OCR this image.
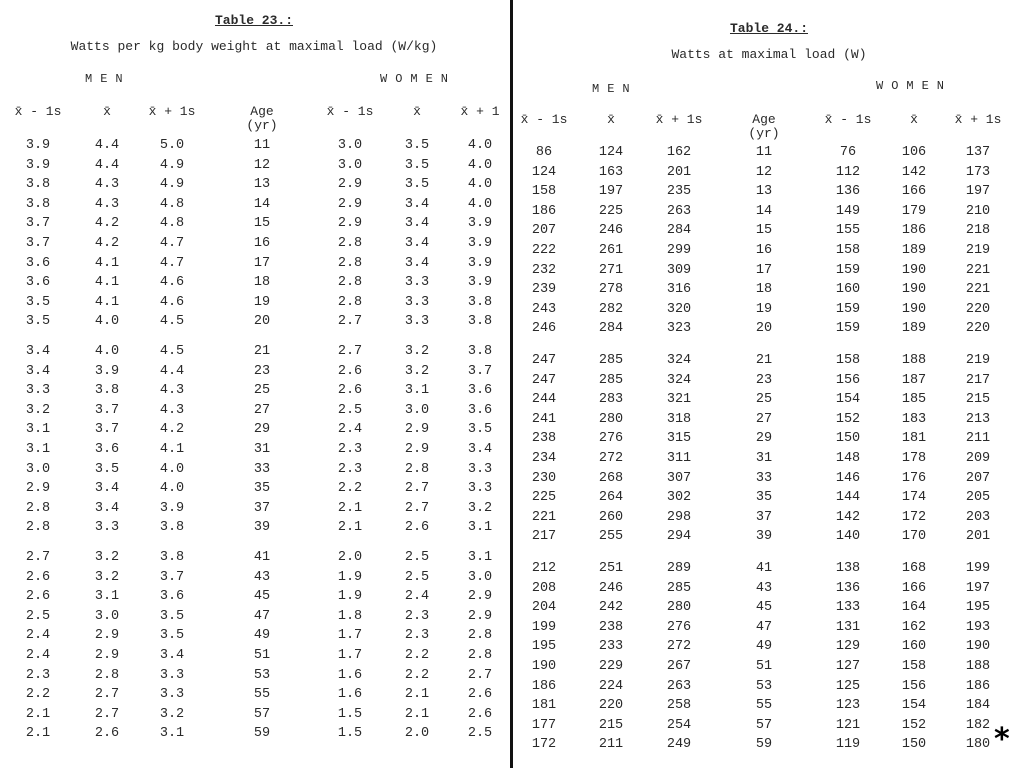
Table 23.:
Watts per kg body weight at maximal load (W/kg)
MEN	WOMEN
x̄ - 1s	x̄	x̄ + 1s	Age
(yr)
x̄ - 1s	x̄	x̄ + 1
3.9	4.4	5.0	11	3.0	3.5	4.0
3.9	4.4	4.9	12	3.0	3.5	4.0
3.8	4.3	4.9	13	2.9	3.5	4.0
3.8	4.3	4.8	14	2.9	3.4	4.0
3.7	4.2	4.8	15	2.9	3.4	3.9
3.7	4.2	4.7	16	2.8	3.4	3.9
3.6	4.1	4.7	17	2.8	3.4	3.9
3.6	4.1	4.6	18	2.8	3.3	3.9
3.5	4.1	4.6	19	2.8	3.3	3.8
3.5	4.0	4.5	20	2.7	3.3	3.8
3.4	4.0	4.5	21	2.7	3.2	3.8
3.4	3.9	4.4	23	2.6	3.2	3.7
3.3	3.8	4.3	25	2.6	3.1	3.6
3.2	3.7	4.3	27	2.5	3.0	3.6
3.1	3.7	4.2	29	2.4	2.9	3.5
3.1	3.6	4.1	31	2.3	2.9	3.4
3.0	3.5	4.0	33	2.3	2.8	3.3
2.9	3.4	4.0	35	2.2	2.7	3.3
2.8	3.4	3.9	37	2.1	2.7	3.2
2.8	3.3	3.8	39	2.1	2.6	3.1
2.7	3.2	3.8	41	2.0	2.5	3.1
2.6	3.2	3.7	43	1.9	2.5	3.0
2.6	3.1	3.6	45	1.9	2.4	2.9
2.5	3.0	3.5	47	1.8	2.3	2.9
2.4	2.9	3.5	49	1.7	2.3	2.8
2.4	2.9	3.4	51	1.7	2.2	2.8
2.3	2.8	3.3	53	1.6	2.2	2.7
2.2	2.7	3.3	55	1.6	2.1	2.6
2.1	2.7	3.2	57	1.5	2.1	2.6
2.1	2.6	3.1	59	1.5	2.0	2.5
Table 24.:
Watts at maximal load (W)
MEN	WOMEN
x̄ - 1s	x̄	x̄ + 1s	Age
(yr)
x̄ - 1s	x̄	x̄ + 1s
86	124	162	11	76	106	137
124	163	201	12	112	142	173
158	197	235	13	136	166	197
186	225	263	14	149	179	210
207	246	284	15	155	186	218
222	261	299	16	158	189	219
232	271	309	17	159	190	221
239	278	316	18	160	190	221
243	282	320	19	159	190	220
246	284	323	20	159	189	220
247	285	324	21	158	188	219
247	285	324	23	156	187	217
244	283	321	25	154	185	215
241	280	318	27	152	183	213
238	276	315	29	150	181	211
234	272	311	31	148	178	209
230	268	307	33	146	176	207
225	264	302	35	144	174	205
221	260	298	37	142	172	203
217	255	294	39	140	170	201
212	251	289	41	138	168	199
208	246	285	43	136	166	197
204	242	280	45	133	164	195
199	238	276	47	131	162	193
195	233	272	49	129	160	190
190	229	267	51	127	158	188
186	224	263	53	125	156	186
181	220	258	55	123	154	184
177	215	254	57	121	152	182
172	211	249	59	119	150	180 *
